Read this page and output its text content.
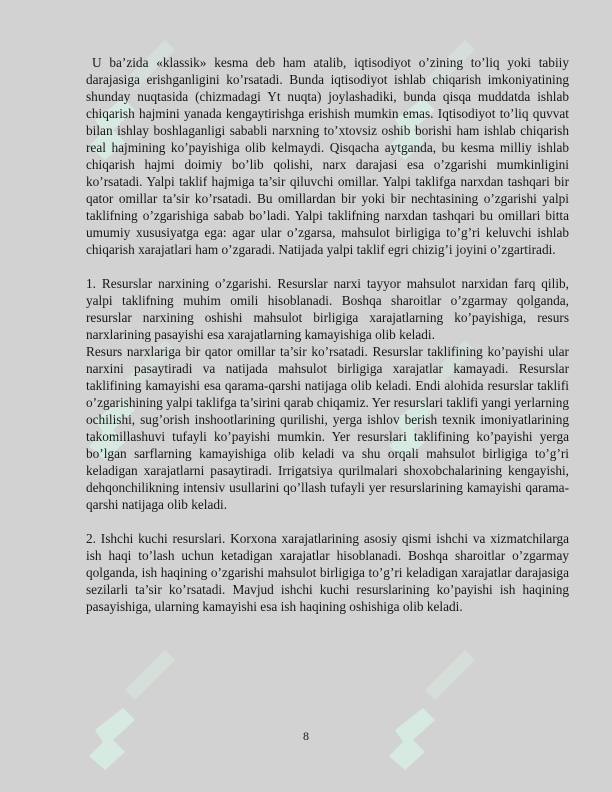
U ba’zida «klassik» kesma deb ham atalib, iqtisodiyot o’zining to’liq yoki tabiiy darajasiga erishganligini ko’rsatadi. Bunda iqtisodiyot ishlab chiqarish imkoniyatining shunday nuqtasida (chizmadagi Yt nuqta) joylashadiki, bunda qisqa muddatda ishlab chiqarish hajmini yanada kengaytirishga erishish mumkin emas. Iqtisodiyot to’liq quvvat bilan ishlay boshlaganligi sababli narxning to’xtovsiz oshib borishi ham ishlab chiqarish real hajmining ko’payishiga olib kelmaydi. Qisqacha aytganda, bu kesma milliy ishlab chiqarish hajmi doimiy bo’lib qolishi, narx darajasi esa o’zgarishi mumkinligini ko’rsatadi. Yalpi taklif hajmiga ta’sir qiluvchi omillar. Yalpi taklifga narxdan tashqari bir qator omillar ta’sir ko’rsatadi. Bu omillardan bir yoki bir nechtasining o’zgarishi yalpi taklifning o’zgarishiga sabab bo’ladi. Yalpi taklifning narxdan tashqari bu omillari bitta umumiy xususiyatga ega: agar ular o’zgarsa, mahsulot birligiga to’g’ri keluvchi ishlab chiqarish xarajatlari ham o’zgaradi. Natijada yalpi taklif egri chizig’i joyini o’zgartiradi.

1. Resurslar narxining o’zgarishi. Resurslar narxi tayyor mahsulot narxidan farq qilib, yalpi taklifning muhim omili hisoblanadi. Boshqa sharoitlar o’zgarmay qolganda, resurslar narxining oshishi mahsulot birligiga xarajatlarning ko’payishiga, resurs narxlarining pasayishi esa xarajatlarning kamayishiga olib keladi.

Resurs narxlariga bir qator omillar ta’sir ko’rsatadi. Resurslar taklifining ko’payishi ular narxini pasaytiradi va natijada mahsulot birligiga xarajatlar kamayadi. Resurslar taklifining kamayishi esa qarama-qarshi natijaga olib keladi. Endi alohida resurslar taklifi o’zgarishining yalpi taklifga ta’sirini qarab chiqamiz. Yer resurslari taklifi yangi yerlarning ochilishi, sug’orish inshootlarining qurilishi, yerga ishlov berish texnik imoniyatlarining takomillashuvi tufayli ko’payishi mumkin. Yer resurslari taklifining ko’payishi yerga bo’lgan sarflarning kamayishiga olib keladi va shu orqali mahsulot birligiga to’g’ri keladigan xarajatlarni pasaytiradi. Irrigatsiya qurilmalari shoxobchalarining kengayishi, dehqonchilikning intensiv usullarini qo’llash tufayli yer resurslarining kamayishi qarama-qarshi natijaga olib keladi.

2. Ishchi kuchi resurslari. Korxona xarajatlarining asosiy qismi ishchi va xizmatchilarga ish haqi to’lash uchun ketadigan xarajatlar hisoblanadi. Boshqa sharoitlar o’zgarmay qolganda, ish haqining o’zgarishi mahsulot birligiga to’g’ri keladigan xarajatlar darajasiga sezilarli ta’sir ko’rsatadi. Mavjud ishchi kuchi resurslarining ko’payishi ish haqining pasayishiga, ularning kamayishi esa ish haqining oshishiga olib keladi.

8
